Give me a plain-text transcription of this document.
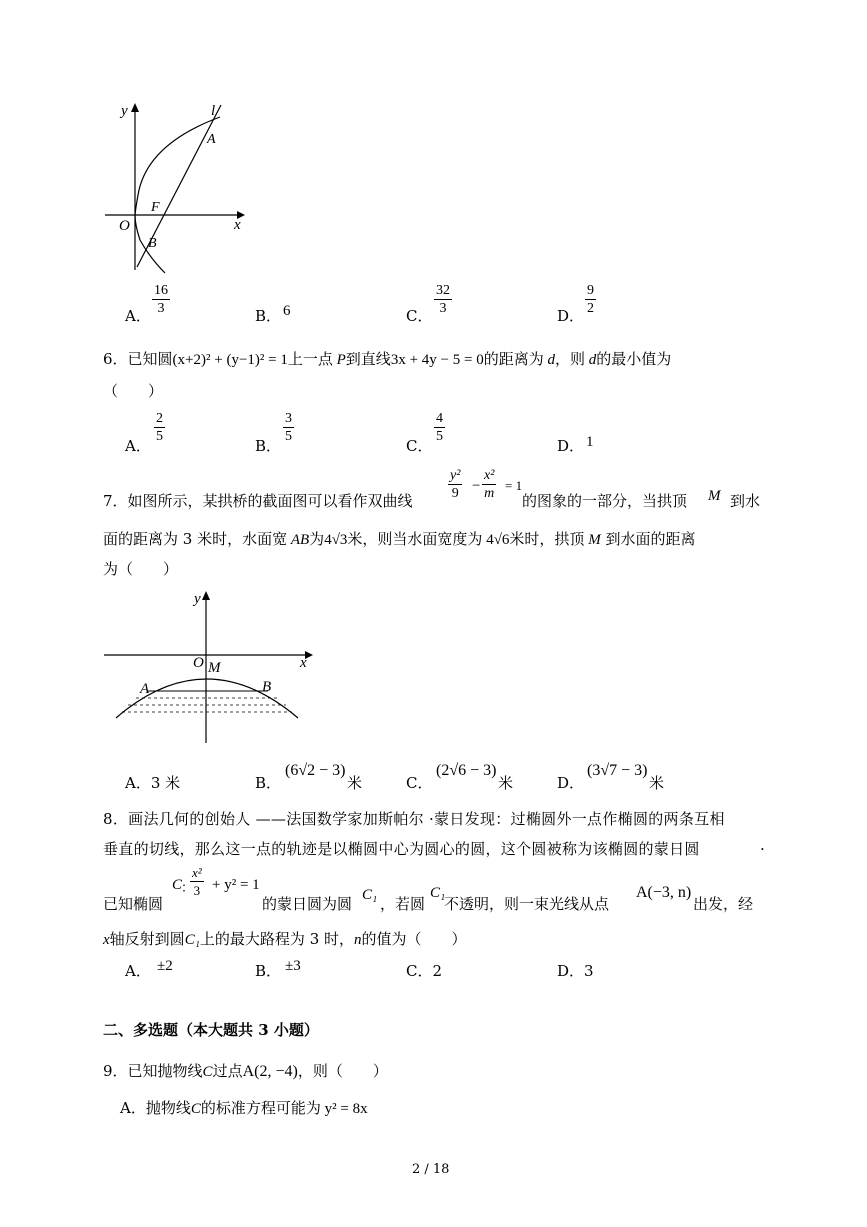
y	l
A
F
O
B
x
A． $\frac{16}{3}$	B． 6	C． $\frac{32}{3}$	D． $\frac{9}{2}$
6．已知圆(x+2)² + (y−1)² = 1上一点 P到直线3x + 4y − 5 = 0的距离为 d，则 d的最小值为
（　　）
A．
$\frac{2}{5}$
B．
$\frac{3}{5}$
C．
$\frac{4}{5}$
D． 1
7．如图所示，某拱桥的截面图可以看作双曲线	$\frac{\text{y²}}{9} - \frac{\text{x²}}{m} = 1$
的图象的一部分，当拱顶 M 到水
面的距离为 3 米时，水面宽 AB为4√3米，则当水面宽度为 4√6米时，拱顶 M 到水面的距离
为（　　）
y
O M	x
A	B
A．3 米	B．
(6√2 − 3)
米	C．
(2√6 − 3)
米	D．
(3√7 − 3)
米
8．画法几何的创始人 ——法国数学家加斯帕尔 ·蒙日发现：过椭圆外一点作椭圆的两条互相
垂直的切线，那么这一点的轨迹是以椭圆中心为圆心的圆，这个圆被称为该椭圆的蒙日圆	.
已知椭圆
C
：
$\frac{\text{x²}}{3} + y^2 = 1$
的蒙日圆为圆 C₁ ，若圆
C₁
不透明，则一束光线从点
A(−3, n)
出发，经
x轴反射到圆C₁上的最大路程为 3 时，n的值为（　　）
A． ±2	B． ±3	C．2	D．3
二、多选题（本大题共 3 小题）
9．已知抛物线C过点A(2, −4)，则（　　）
A．抛物线C的标准方程可能为 y² = 8x
2 / 18
